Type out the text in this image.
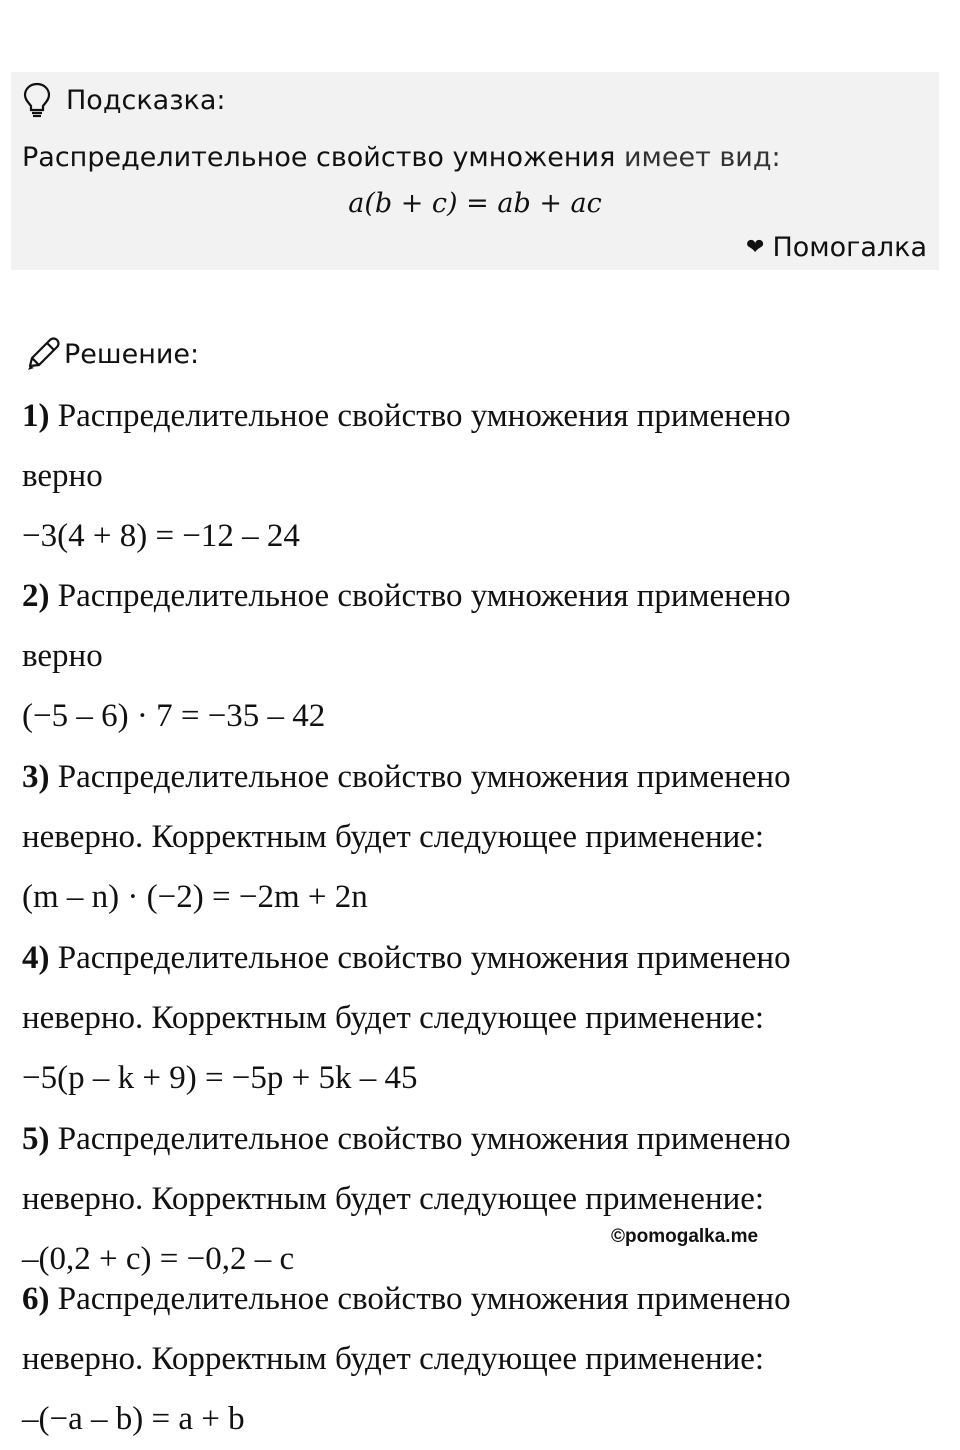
Подсказка:
Распределительное свойство умножения имеет вид:
a(b + c) = ab + ac
❤ Помогалка
Решение:
1) Распределительное свойство умножения применено
верно
−3(4 + 8) = −12 – 24
2) Распределительное свойство умножения применено
верно
(−5 – 6) · 7 = −35 – 42
3) Распределительное свойство умножения применено
неверно. Корректным будет следующее применение:
(m – n) · (−2) = −2m + 2n
4) Распределительное свойство умножения применено
неверно. Корректным будет следующее применение:
−5(p – k + 9) = −5p + 5k – 45
5) Распределительное свойство умножения применено
неверно. Корректным будет следующее применение:
–(0,2 + c) = −0,2 – c
6) Распределительное свойство умножения применено
неверно. Корректным будет следующее применение:
–(−a – b) = a + b
©pomogalka.me
